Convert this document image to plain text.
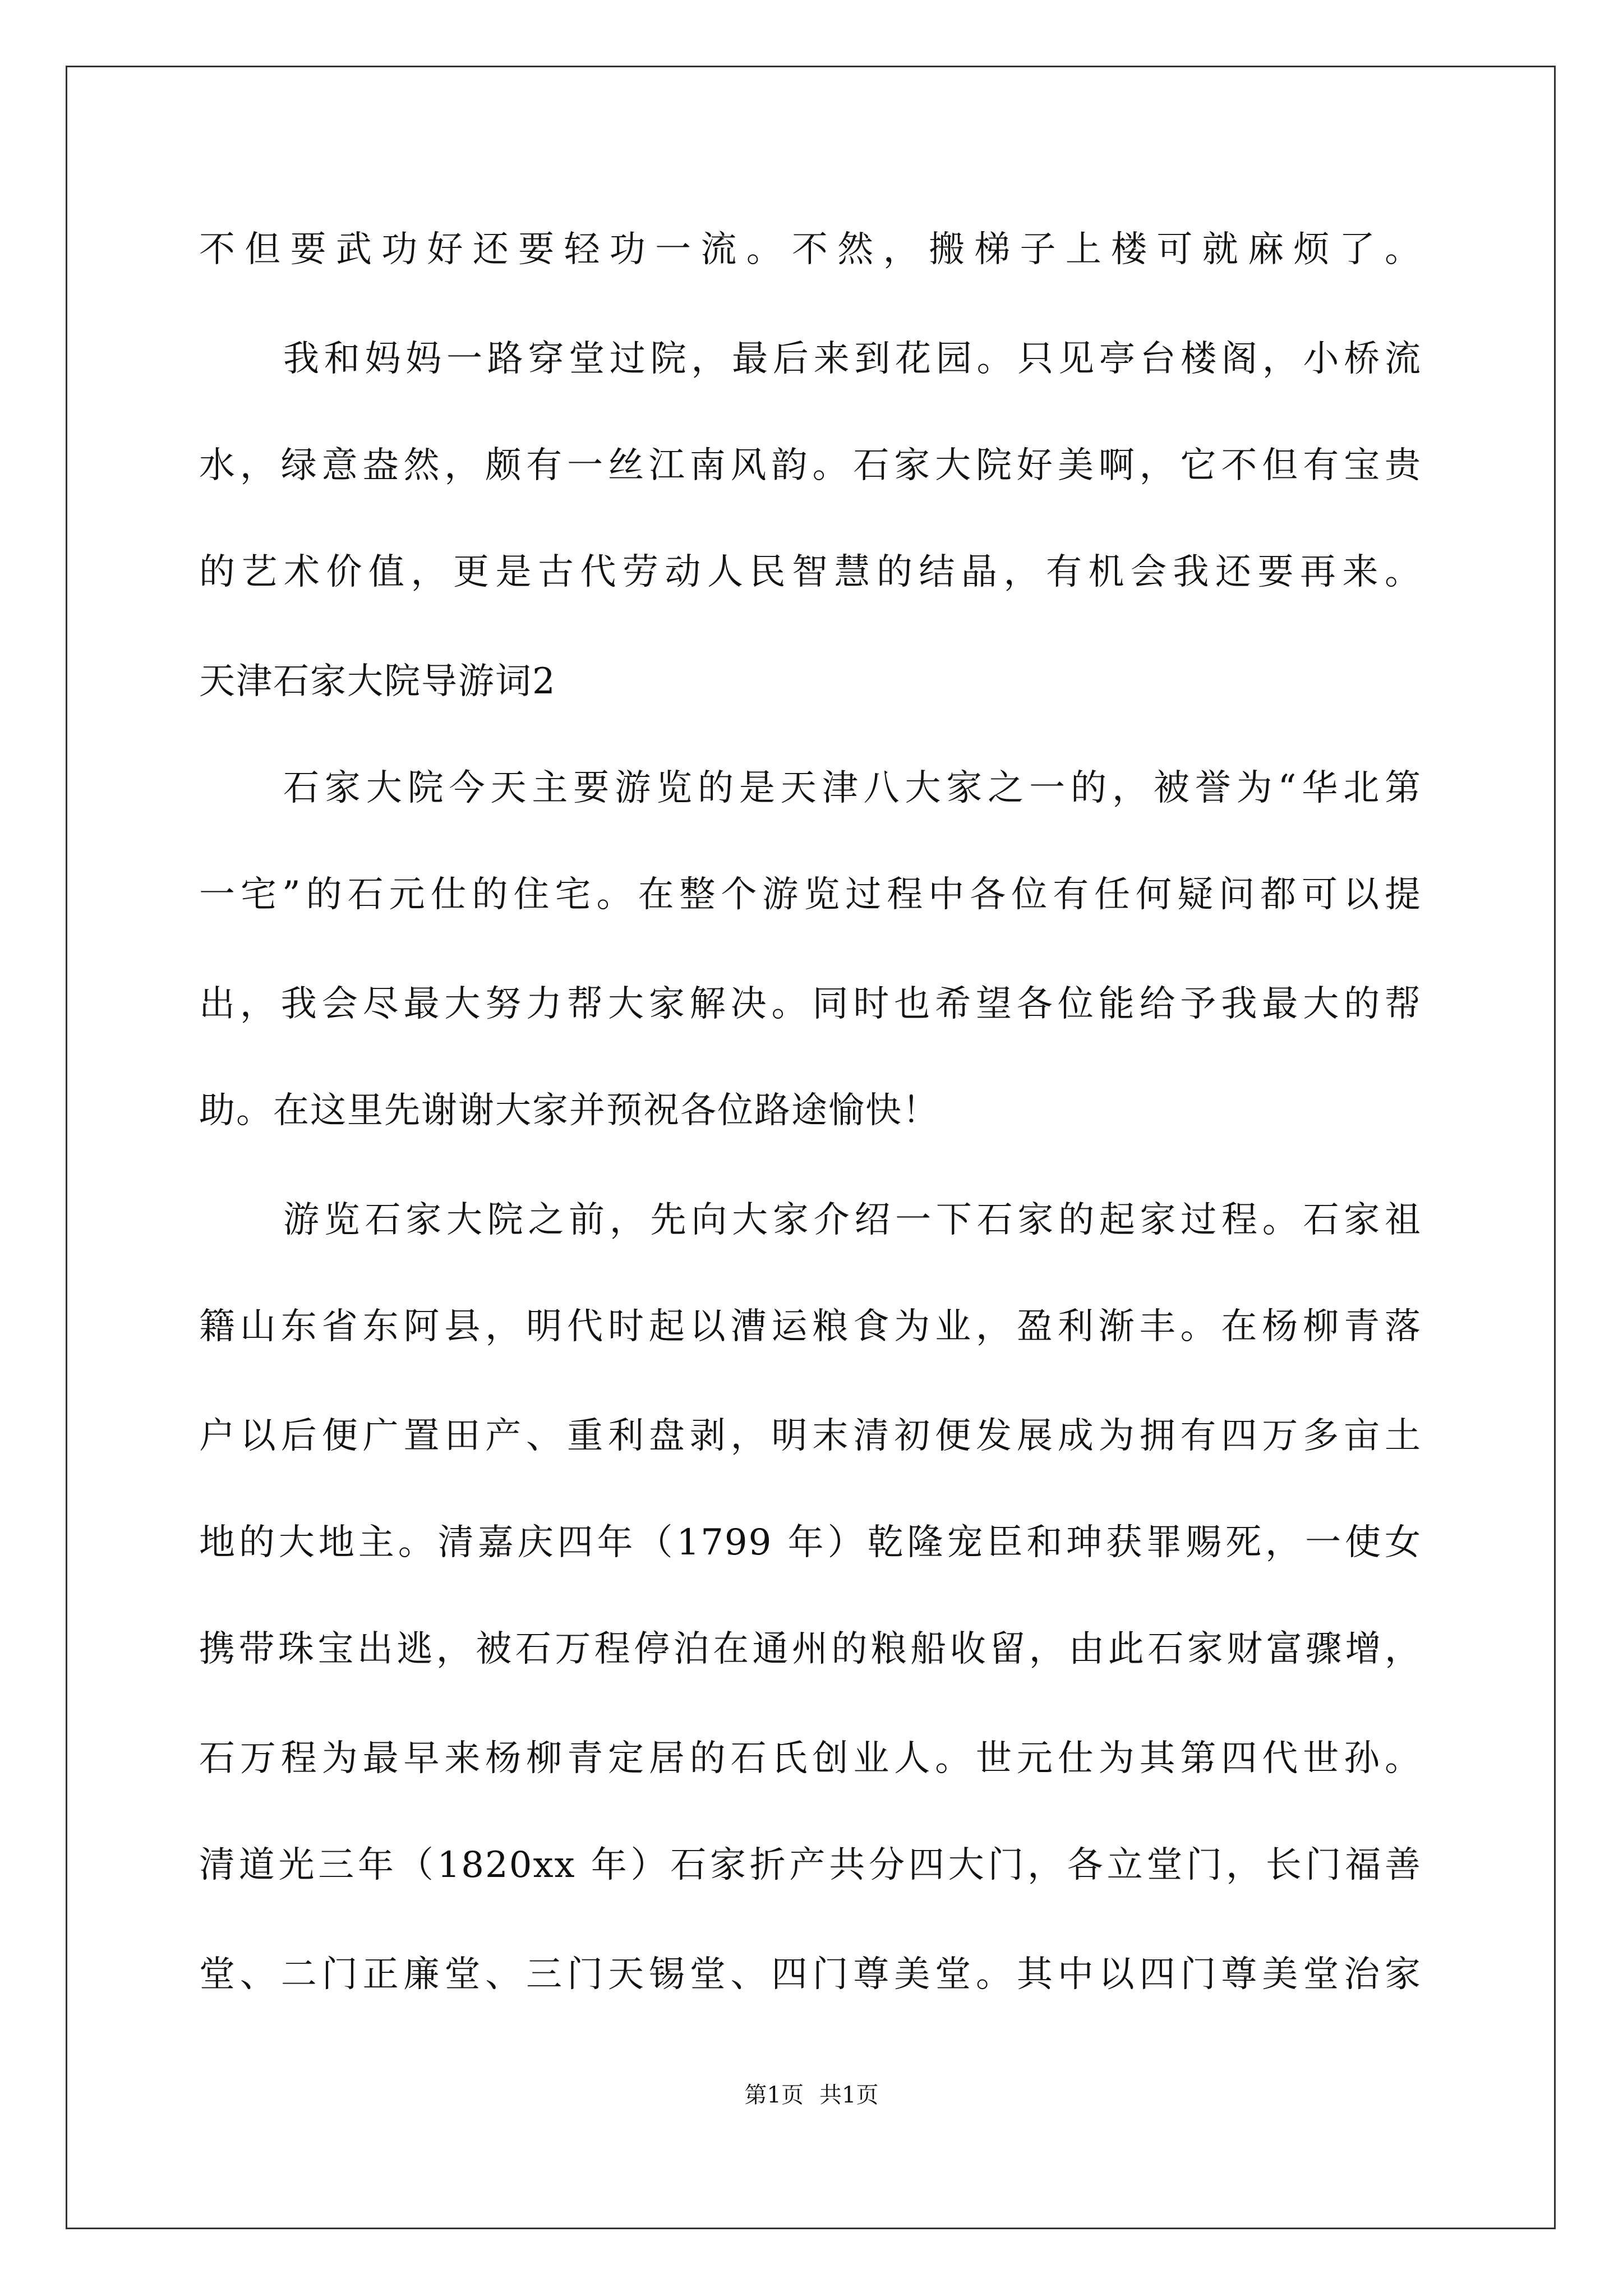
不但要武功好还要轻功一流。不然，搬梯子上楼可就麻烦了。
我和妈妈一路穿堂过院，最后来到花园。只见亭台楼阁，小桥流
水，绿意盎然，颇有一丝江南风韵。石家大院好美啊，它不但有宝贵
的艺术价值，更是古代劳动人民智慧的结晶，有机会我还要再来。
天津石家大院导游词2
石家大院今天主要游览的是天津八大家之一的，被誉为“华北第
一宅”的石元仕的住宅。在整个游览过程中各位有任何疑问都可以提
出，我会尽最大努力帮大家解决。同时也希望各位能给予我最大的帮
助。在这里先谢谢大家并预祝各位路途愉快！
游览石家大院之前，先向大家介绍一下石家的起家过程。石家祖
籍山东省东阿县，明代时起以漕运粮食为业，盈利渐丰。在杨柳青落
户以后便广置田产、重利盘剥，明末清初便发展成为拥有四万多亩土
地的大地主。清嘉庆四年（1799 年）乾隆宠臣和珅获罪赐死，一使女
携带珠宝出逃，被石万程停泊在通州的粮船收留，由此石家财富骤增，
石万程为最早来杨柳青定居的石氏创业人。世元仕为其第四代世孙。
清道光三年（1820xx 年）石家折产共分四大门，各立堂门，长门福善
堂、二门正廉堂、三门天锡堂、四门尊美堂。其中以四门尊美堂治家
第1页 共1页
